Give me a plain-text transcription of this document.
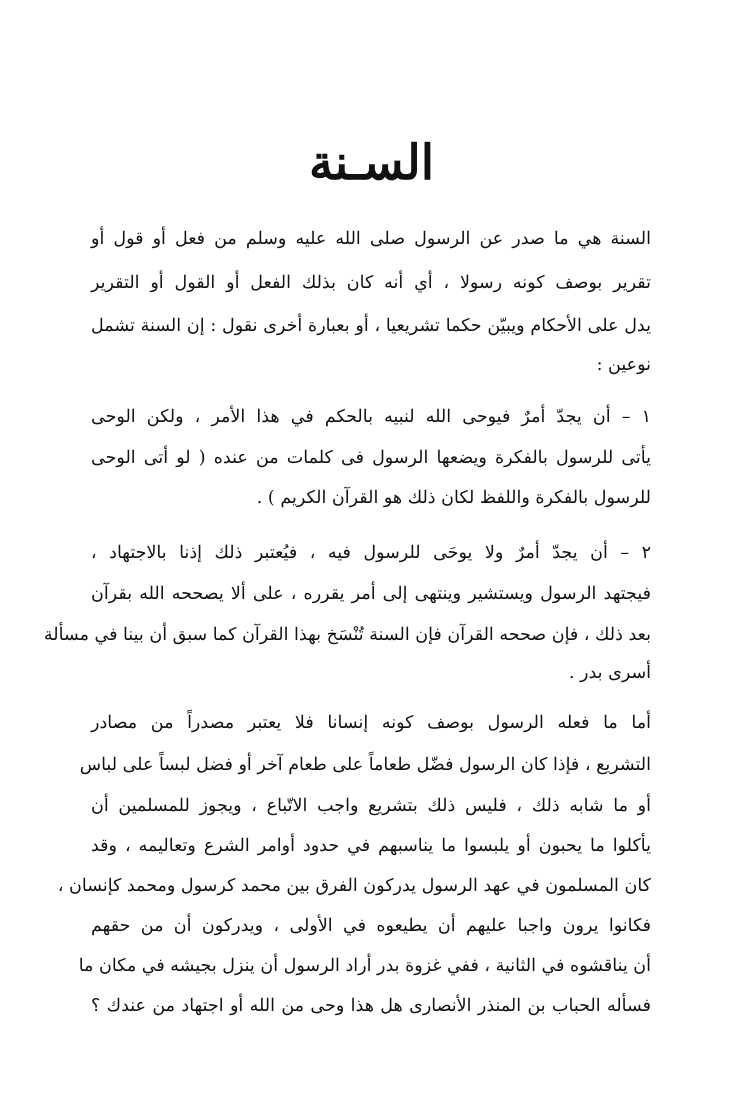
السـنة
السنة هي ما صدر عن الرسول صلى الله عليه وسلم من فعل أو قول أو
تقرير بوصف كونه رسولا ، أي أنه كان بذلك الفعل أو القول أو التقرير
يدل على الأحكام ويبيّن حكما تشريعيا ، أو بعبارة أخرى نقول : إن السنة تشمل
نوعين :
١ – أن يجدّ أمرٌ فيوحى الله لنبيه بالحكم في هذا الأمر ، ولكن الوحى
يأتى للرسول بالفكرة ويضعها الرسول فى كلمات من عنده ( لو أتى الوحى
للرسول بالفكرة واللفظ لكان ذلك هو القرآن الكريم ) .
٢ – أن يجدّ أمرٌ ولا يوحَى للرسول فيه ، فيُعتبر ذلك إذنا بالاجتهاد ،
فيجتهد الرسول ويستشير وينتهى إلى أمر يقرره ، على ألا يصححه الله بقرآن
بعد ذلك ، فإن صححه القرآن فإن السنة تُنْسَخ بهذا القرآن كما سبق أن بينا في مسألة
أسرى بدر .
أما ما فعله الرسول بوصف كونه إنسانا فلا يعتبر مصدراً من مصادر
التشريع ، فإذا كان الرسول فضّل طعاماً على طعام آخر أو فضل لبساً على لباس
أو ما شابه ذلك ، فليس ذلك بتشريع واجب الاتّباع ، ويجوز للمسلمين أن
يأكلوا ما يحبون أو يلبسوا ما يناسبهم في حدود أوامر الشرع وتعاليمه ، وقد
كان المسلمون في عهد الرسول يدركون الفرق بين محمد كرسول ومحمد كإنسان ،
فكانوا يرون واجبا عليهم أن يطيعوه في الأولى ، ويدركون أن من حقهم
أن يناقشوه في الثانية ، ففي غزوة بدر أراد الرسول أن ينزل بجيشه في مكان ما
فسأله الحباب بن المنذر الأنصارى هل هذا وحى من الله أو اجتهاد من عندك ؟
